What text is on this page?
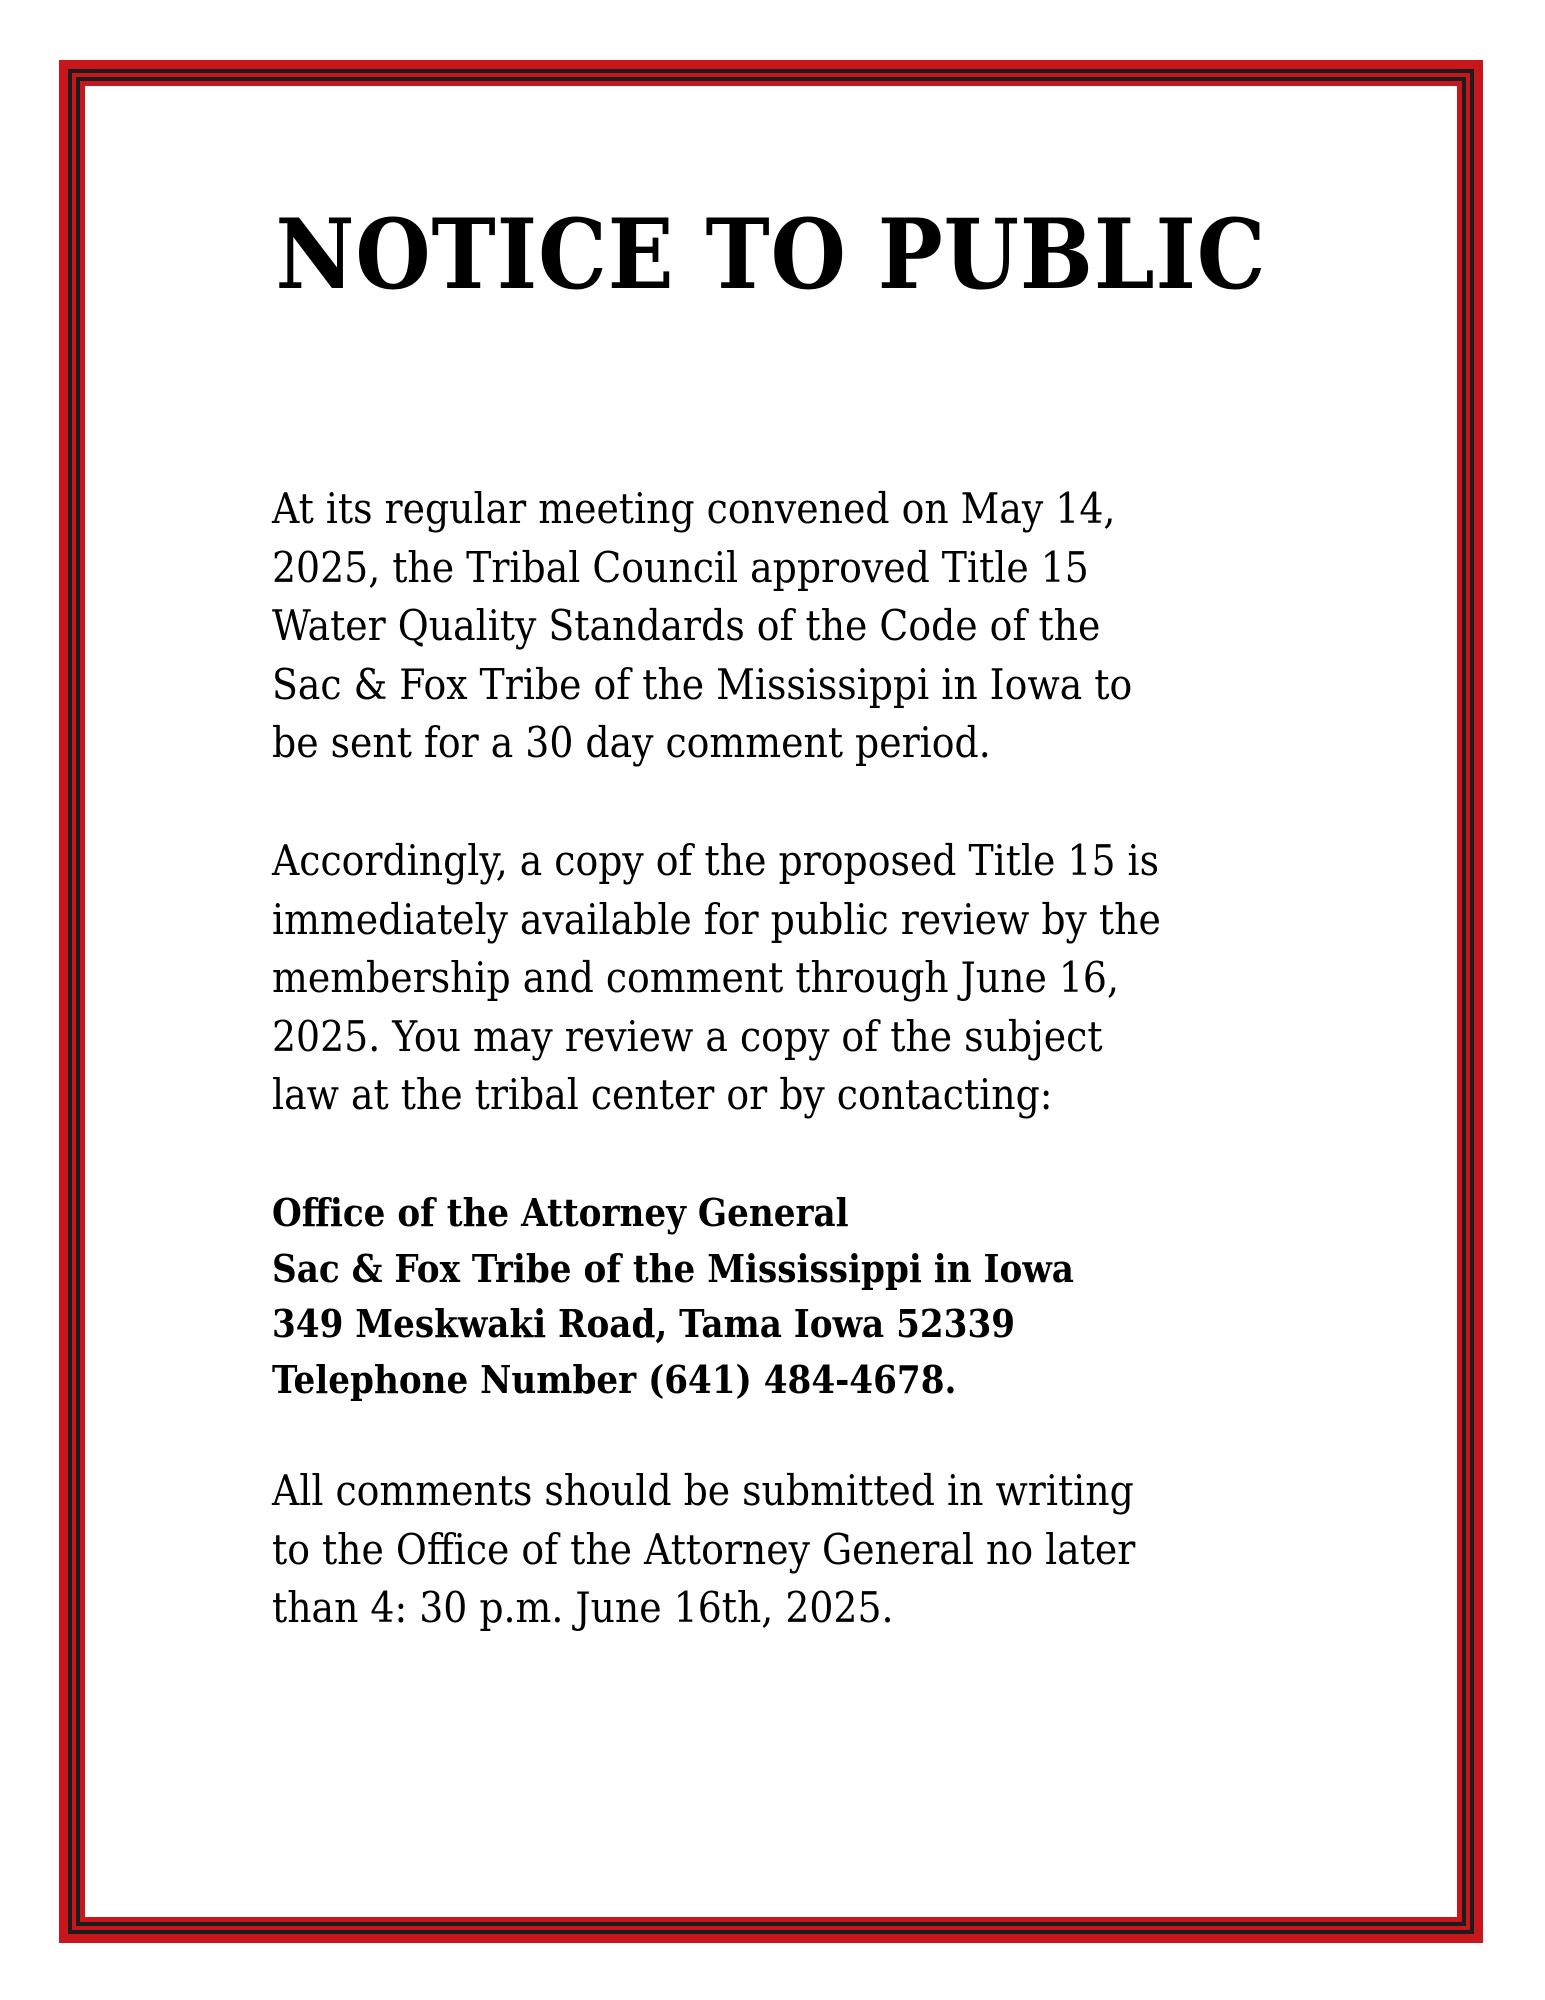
NOTICE TO PUBLIC

At its regular meeting convened on May 14,
2025, the Tribal Council approved Title 15
Water Quality Standards of the Code of the
Sac & Fox Tribe of the Mississippi in Iowa to
be sent for a 30 day comment period.

Accordingly, a copy of the proposed Title 15 is
immediately available for public review by the
membership and comment through June 16,
2025. You may review a copy of the subject
law at the tribal center or by contacting:

Office of the Attorney General
Sac & Fox Tribe of the Mississippi in Iowa
349 Meskwaki Road, Tama Iowa 52339
Telephone Number (641) 484-4678.

All comments should be submitted in writing
to the Office of the Attorney General no later
than 4: 30 p.m. June 16th, 2025.
